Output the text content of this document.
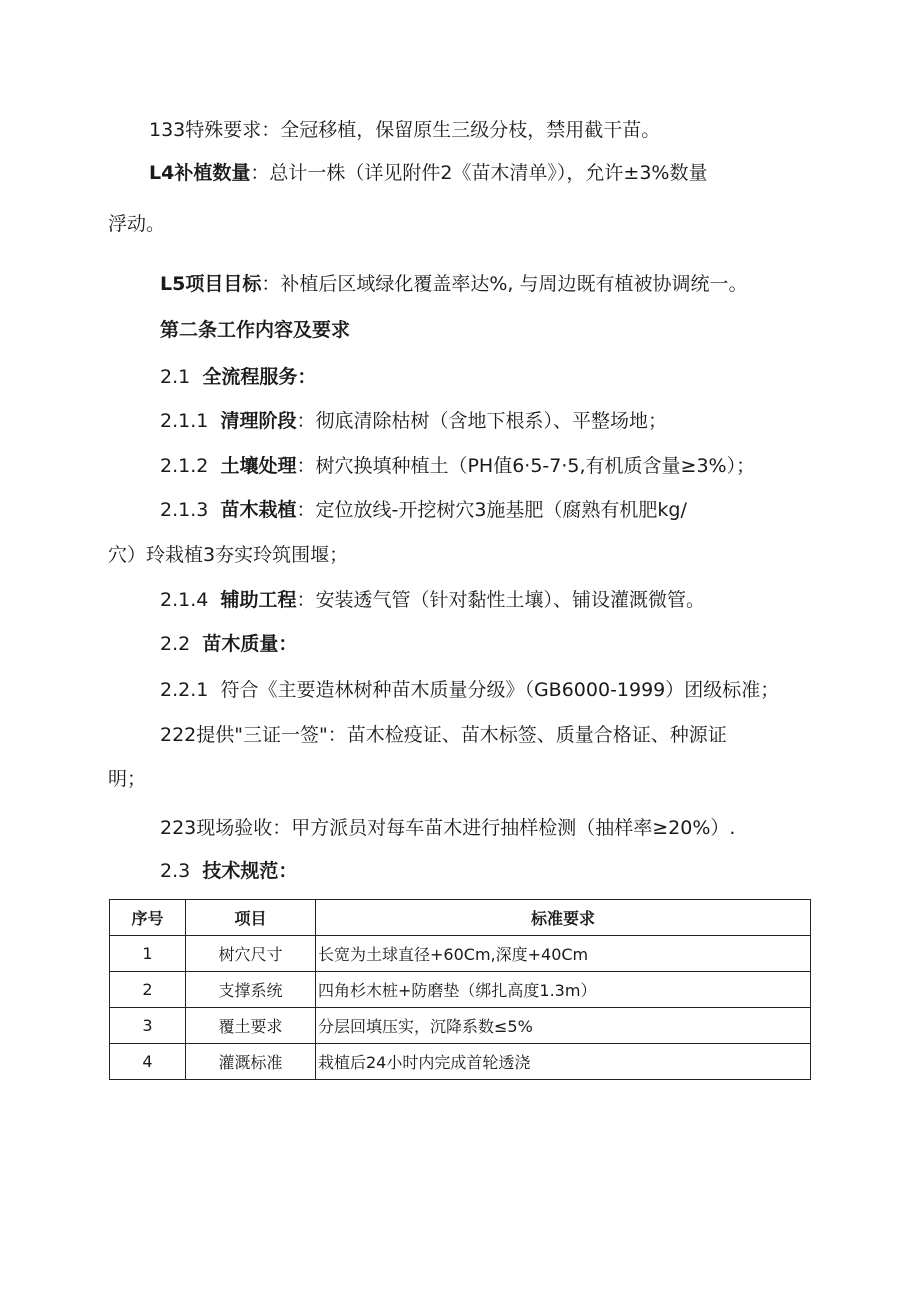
133特殊要求：全冠移植，保留原生三级分枝，禁用截干苗。
L4补植数量：总计一株（详见附件2《苗木清单》），允许±3%数量
浮动。
L5项目目标：补植后区域绿化覆盖率达%, 与周边既有植被协调统一。
第二条工作内容及要求
2.1 全流程服务：
2.1.1 清理阶段：彻底清除枯树（含地下根系）、平整场地；
2.1.2 土壤处理：树穴换填种植土（PH值6·5-7·5,有机质含量≥3%）；
2.1.3 苗木栽植：定位放线-开挖树穴3施基肥（腐熟有机肥kg/
穴）玲栽植3夯实玲筑围堰；
2.1.4 辅助工程：安装透气管（针对黏性土壤）、铺设灌溉微管。
2.2 苗木质量：
2.2.1 符合《主要造林树种苗木质量分级》（GB6000-1999）团级标准；
222提供"三证一签"：苗木检疫证、苗木标签、质量合格证、种源证
明；
223现场验收：甲方派员对每车苗木进行抽样检测（抽样率≥20%）.
2.3 技术规范：
序号	项目	标准要求
1	树穴尺寸	长宽为土球直径+60Cm,深度+40Cm
2	支撑系统	四角杉木桩+防磨垫（绑扎高度1.3m）
3	覆土要求	分层回填压实，沉降系数≤5%
4	灌溉标准	栽植后24小时内完成首轮透浇
